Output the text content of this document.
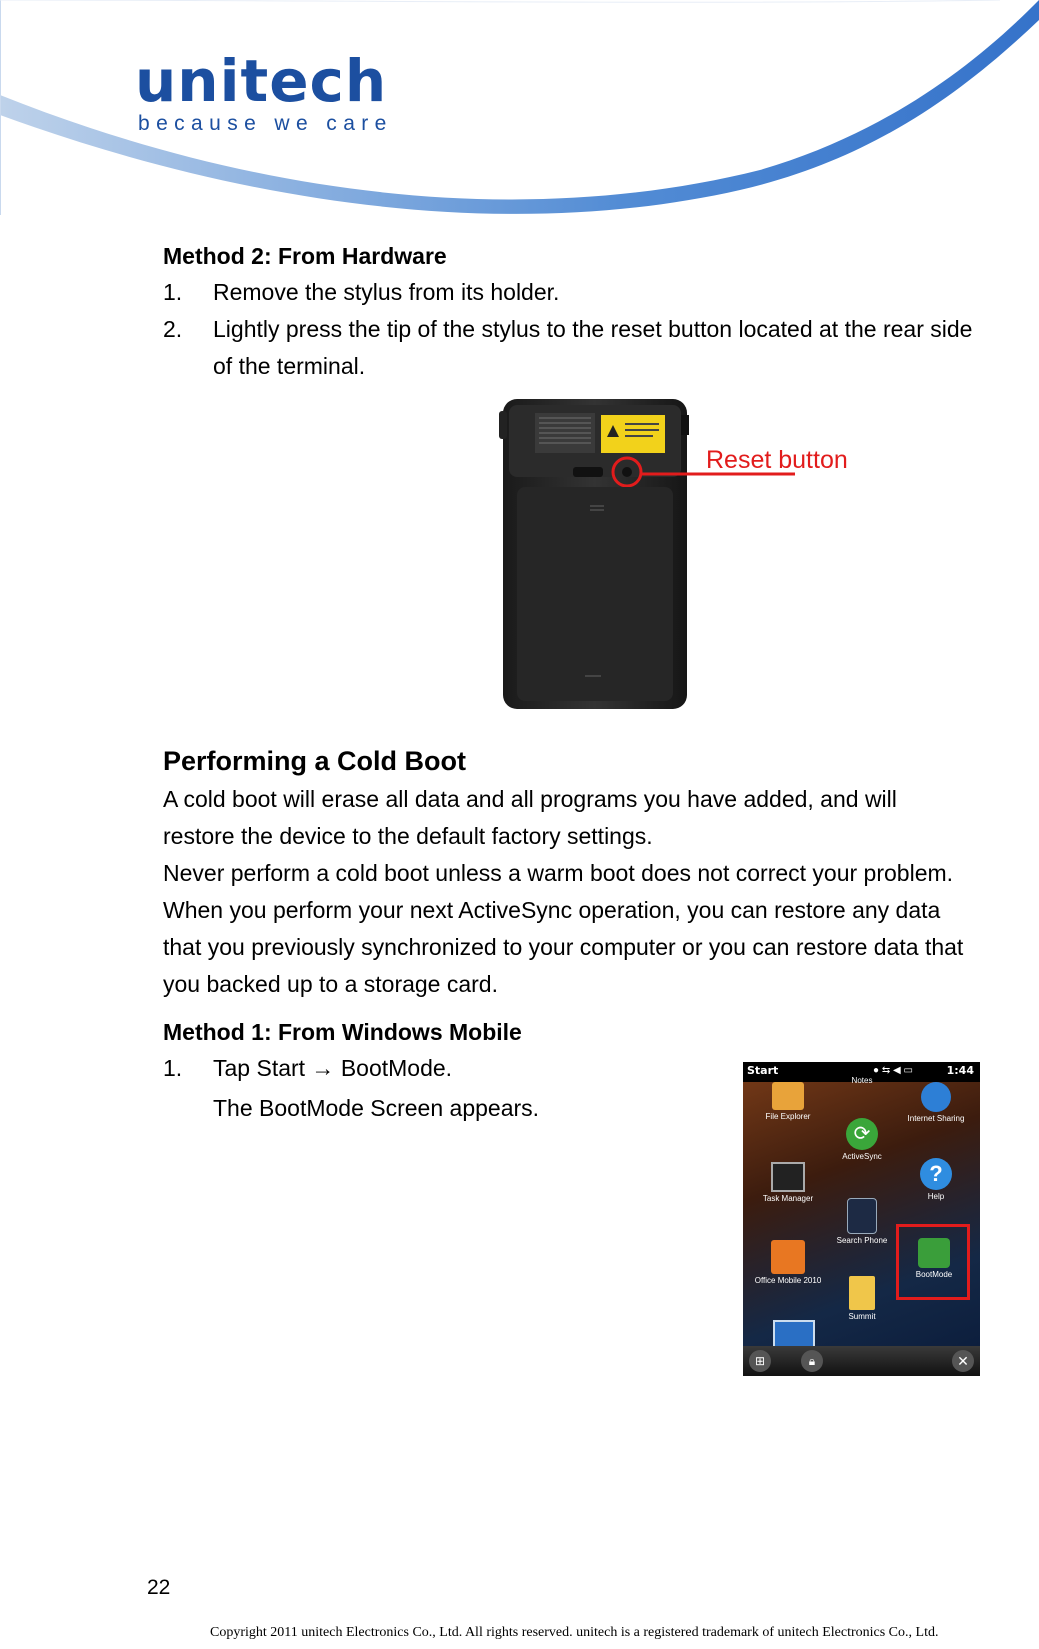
unitech
because we care
Method 2: From Hardware
1.	Remove the stylus from its holder.
2.	Lightly press the tip of the stylus to the reset button located at the rear side
of the terminal.
Reset button
Performing a Cold Boot
A cold boot will erase all data and all programs you have added, and will
restore the device to the default factory settings.
Never perform a cold boot unless a warm boot does not correct your problem.
When you perform your next ActiveSync operation, you can restore any data
that you previously synchronized to your computer or you can restore data that
you backed up to a storage card.
Method 1: From Windows Mobile
1.	Tap Start → BootMode.
The BootMode Screen appears.
Start	● ⇆ ◀ ▭	1:44
Notes
File Explorer	Internet Sharing
⟳
ActiveSync
Task Manager
?
Help
Search Phone
Office Mobile 2010
BootMode
Summit
⊞	🔒︎	✕
22
Copyright 2011 unitech Electronics Co., Ltd. All rights reserved. unitech is a registered trademark of unitech Electronics Co., Ltd.
